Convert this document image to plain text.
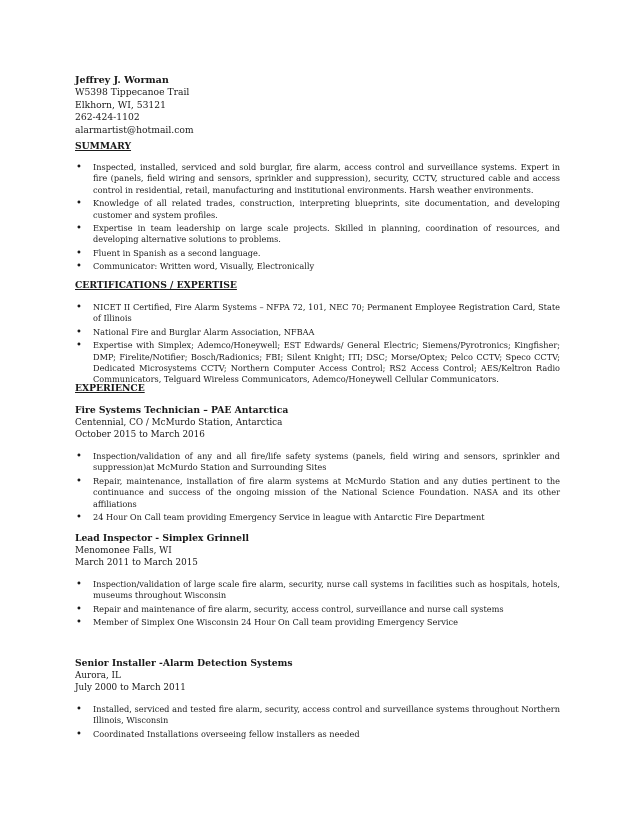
Jeffrey J. Worman
W5398 Tippecanoe Trail
Elkhorn, WI, 53121
262-424-1102
alarmartist@hotmail.com
SUMMARY
• Inspected, installed, serviced and sold burglar, fire alarm, access control and surveillance systems. Expert in fire (panels, field wiring and sensors, sprinkler and suppression), security, CCTV, structured cable and access control in residential, retail, manufacturing and institutional environments. Harsh weather environments.
• Knowledge of all related trades, construction, interpreting blueprints, site documentation, and developing customer and system profiles.
• Expertise in team leadership on large scale projects. Skilled in planning, coordination of resources, and developing alternative solutions to problems.
• Fluent in Spanish as a second language.
• Communicator: Written word, Visually, Electronically
CERTIFICATIONS / EXPERTISE
• NICET II Certified, Fire Alarm Systems – NFPA 72, 101, NEC 70; Permanent Employee Registration Card, State of Illinois
• National Fire and Burglar Alarm Association, NFBAA
• Expertise with Simplex; Ademco/Honeywell; EST Edwards/ General Electric; Siemens/Pyrotronics; Kingfisher; DMP; Firelite/Notifier; Bosch/Radionics; FBI; Silent Knight; ITI; DSC; Morse/Optex; Pelco CCTV; Speco CCTV; Dedicated Microsystems CCTV; Northern Computer Access Control; RS2 Access Control; AES/Keltron Radio Communicators, Telguard Wireless Communicators, Ademco/Honeywell Cellular Communicators.
EXPERIENCE
Fire Systems Technician – PAE Antarctica
Centennial, CO / McMurdo Station, Antarctica
October 2015 to March 2016
• Inspection/validation of any and all fire/life safety systems (panels, field wiring and sensors, sprinkler and suppression)at McMurdo Station and Surrounding Sites
• Repair, maintenance, installation of fire alarm systems at McMurdo Station and any duties pertinent to the continuance and success of the ongoing mission of the National Science Foundation. NASA and its other affiliations
• 24 Hour On Call team providing Emergency Service in league with Antarctic Fire Department
Lead Inspector - Simplex Grinnell
Menomonee Falls, WI
March 2011 to March 2015
• Inspection/validation of large scale fire alarm, security, nurse call systems in facilities such as hospitals, hotels, museums throughout Wisconsin
• Repair and maintenance of fire alarm, security, access control, surveillance and nurse call systems
• Member of Simplex One Wisconsin 24 Hour On Call team providing Emergency Service
Senior Installer -Alarm Detection Systems
Aurora, IL
July 2000 to March 2011
• Installed, serviced and tested fire alarm, security, access control and surveillance systems throughout Northern Illinois, Wisconsin
• Coordinated Installations overseeing fellow installers as needed
